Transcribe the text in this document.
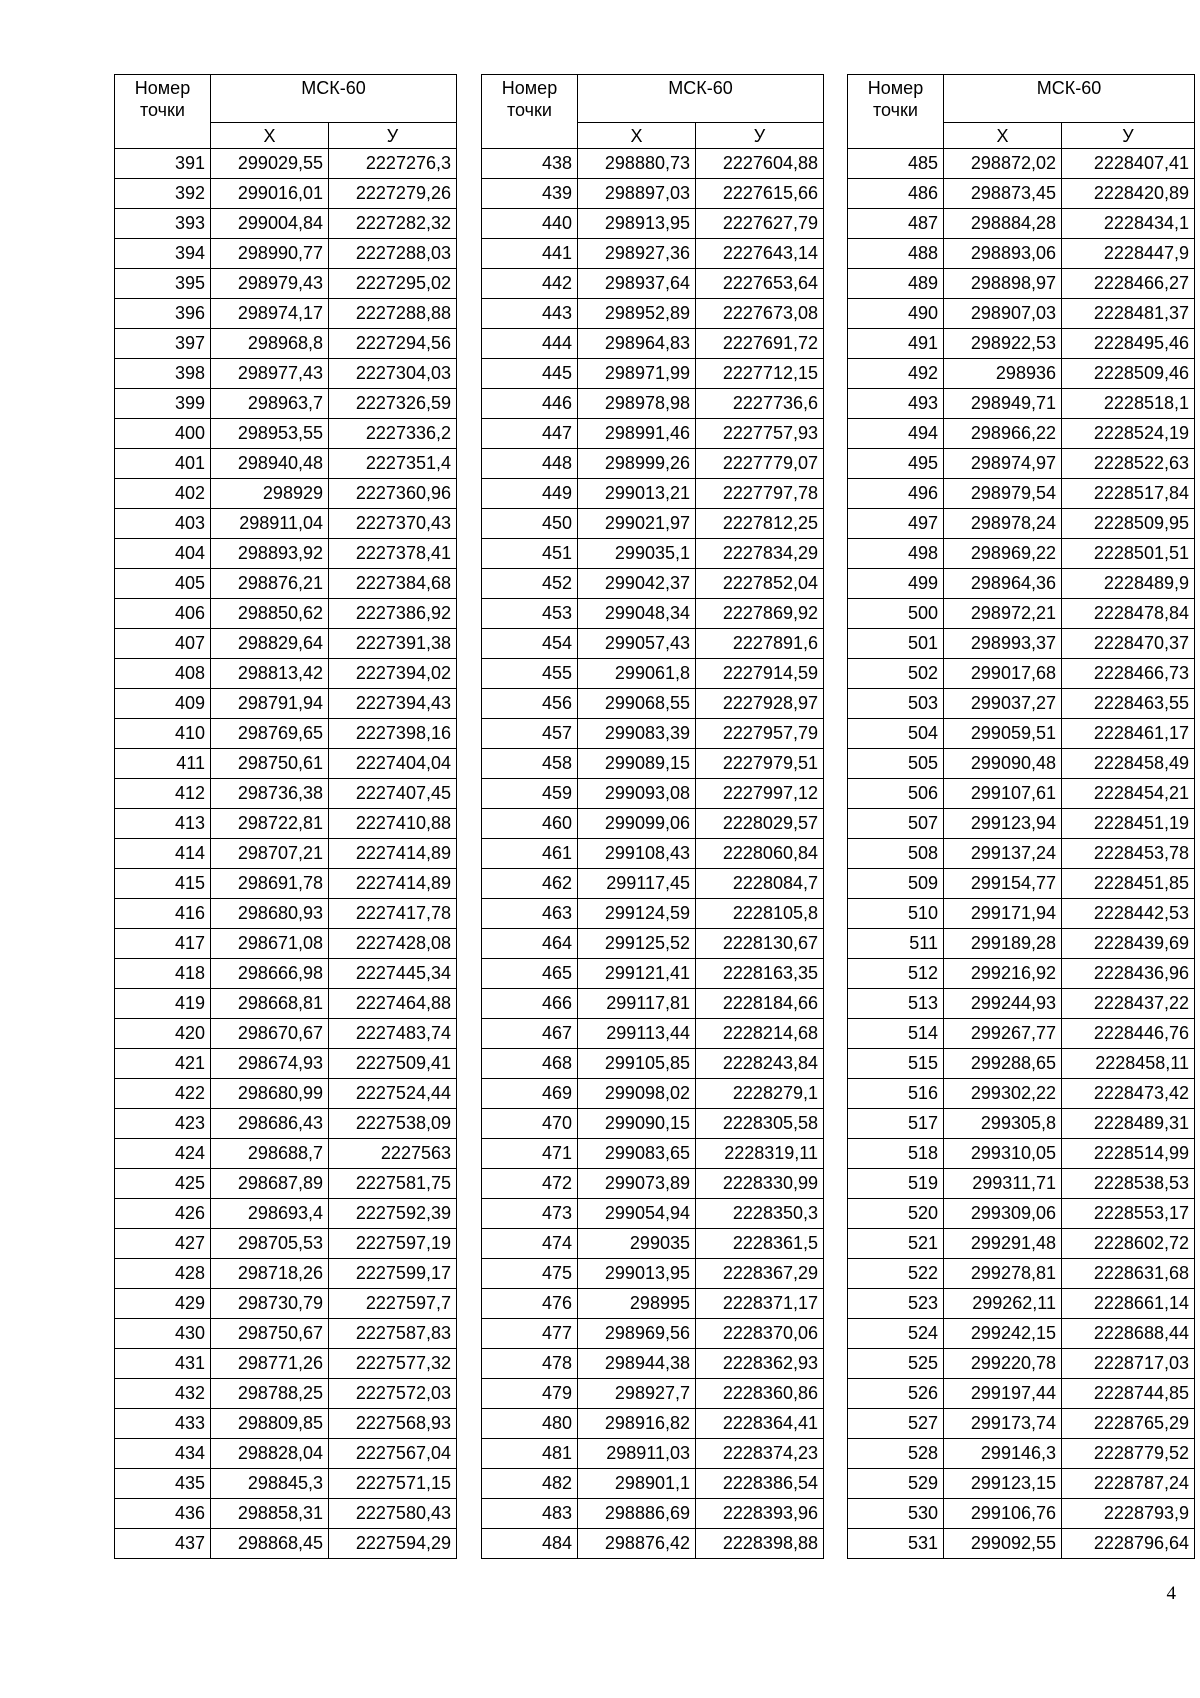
Номер точки	МСК-60	
	Х	У
391	299029,55	2227276,3
392	299016,01	2227279,26
393	299004,84	2227282,32
394	298990,77	2227288,03
395	298979,43	2227295,02
396	298974,17	2227288,88
397	298968,8	2227294,56
398	298977,43	2227304,03
399	298963,7	2227326,59
400	298953,55	2227336,2
401	298940,48	2227351,4
402	298929	2227360,96
403	298911,04	2227370,43
404	298893,92	2227378,41
405	298876,21	2227384,68
406	298850,62	2227386,92
407	298829,64	2227391,38
408	298813,42	2227394,02
409	298791,94	2227394,43
410	298769,65	2227398,16
411	298750,61	2227404,04
412	298736,38	2227407,45
413	298722,81	2227410,88
414	298707,21	2227414,89
415	298691,78	2227414,89
416	298680,93	2227417,78
417	298671,08	2227428,08
418	298666,98	2227445,34
419	298668,81	2227464,88
420	298670,67	2227483,74
421	298674,93	2227509,41
422	298680,99	2227524,44
423	298686,43	2227538,09
424	298688,7	2227563
425	298687,89	2227581,75
426	298693,4	2227592,39
427	298705,53	2227597,19
428	298718,26	2227599,17
429	298730,79	2227597,7
430	298750,67	2227587,83
431	298771,26	2227577,32
432	298788,25	2227572,03
433	298809,85	2227568,93
434	298828,04	2227567,04
435	298845,3	2227571,15
436	298858,31	2227580,43
437	298868,45	2227594,29
Номер точки	МСК-60	
	Х	У
438	298880,73	2227604,88
439	298897,03	2227615,66
440	298913,95	2227627,79
441	298927,36	2227643,14
442	298937,64	2227653,64
443	298952,89	2227673,08
444	298964,83	2227691,72
445	298971,99	2227712,15
446	298978,98	2227736,6
447	298991,46	2227757,93
448	298999,26	2227779,07
449	299013,21	2227797,78
450	299021,97	2227812,25
451	299035,1	2227834,29
452	299042,37	2227852,04
453	299048,34	2227869,92
454	299057,43	2227891,6
455	299061,8	2227914,59
456	299068,55	2227928,97
457	299083,39	2227957,79
458	299089,15	2227979,51
459	299093,08	2227997,12
460	299099,06	2228029,57
461	299108,43	2228060,84
462	299117,45	2228084,7
463	299124,59	2228105,8
464	299125,52	2228130,67
465	299121,41	2228163,35
466	299117,81	2228184,66
467	299113,44	2228214,68
468	299105,85	2228243,84
469	299098,02	2228279,1
470	299090,15	2228305,58
471	299083,65	2228319,11
472	299073,89	2228330,99
473	299054,94	2228350,3
474	299035	2228361,5
475	299013,95	2228367,29
476	298995	2228371,17
477	298969,56	2228370,06
478	298944,38	2228362,93
479	298927,7	2228360,86
480	298916,82	2228364,41
481	298911,03	2228374,23
482	298901,1	2228386,54
483	298886,69	2228393,96
484	298876,42	2228398,88
Номер точки	МСК-60	
	Х	У
485	298872,02	2228407,41
486	298873,45	2228420,89
487	298884,28	2228434,1
488	298893,06	2228447,9
489	298898,97	2228466,27
490	298907,03	2228481,37
491	298922,53	2228495,46
492	298936	2228509,46
493	298949,71	2228518,1
494	298966,22	2228524,19
495	298974,97	2228522,63
496	298979,54	2228517,84
497	298978,24	2228509,95
498	298969,22	2228501,51
499	298964,36	2228489,9
500	298972,21	2228478,84
501	298993,37	2228470,37
502	299017,68	2228466,73
503	299037,27	2228463,55
504	299059,51	2228461,17
505	299090,48	2228458,49
506	299107,61	2228454,21
507	299123,94	2228451,19
508	299137,24	2228453,78
509	299154,77	2228451,85
510	299171,94	2228442,53
511	299189,28	2228439,69
512	299216,92	2228436,96
513	299244,93	2228437,22
514	299267,77	2228446,76
515	299288,65	2228458,11
516	299302,22	2228473,42
517	299305,8	2228489,31
518	299310,05	2228514,99
519	299311,71	2228538,53
520	299309,06	2228553,17
521	299291,48	2228602,72
522	299278,81	2228631,68
523	299262,11	2228661,14
524	299242,15	2228688,44
525	299220,78	2228717,03
526	299197,44	2228744,85
527	299173,74	2228765,29
528	299146,3	2228779,52
529	299123,15	2228787,24
530	299106,76	2228793,9
531	299092,55	2228796,64
4
